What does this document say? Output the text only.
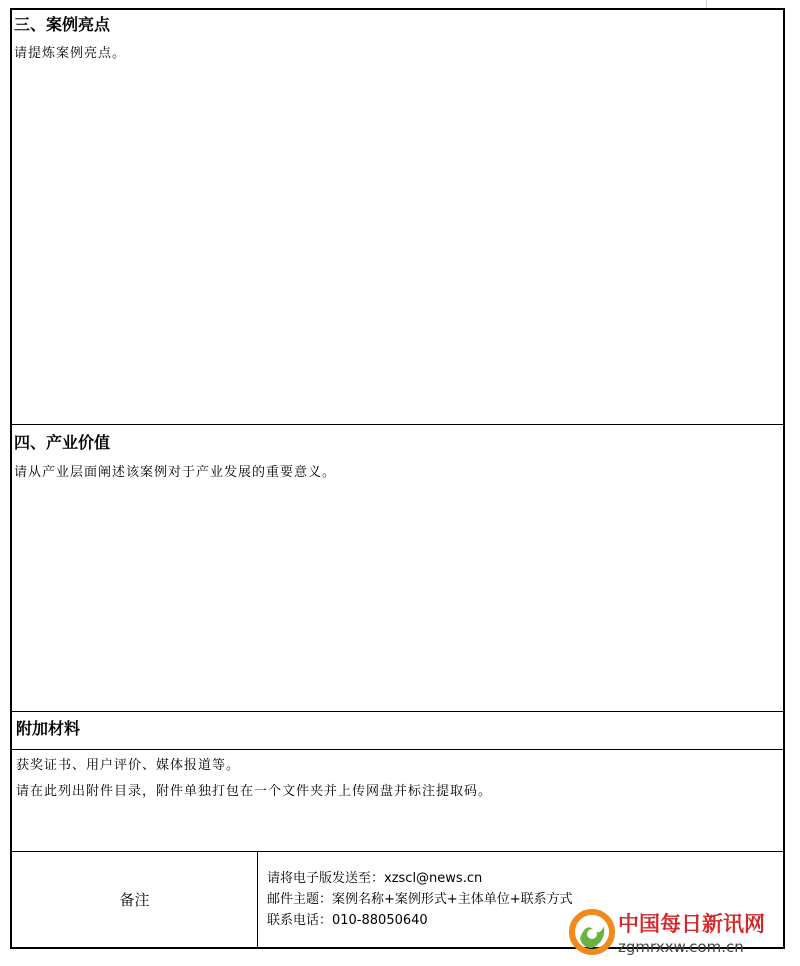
三、案例亮点
请提炼案例亮点。
四、产业价值
请从产业层面阐述该案例对于产业发展的重要意义。
附加材料
获奖证书、用户评价、媒体报道等。
请在此列出附件目录，附件单独打包在一个文件夹并上传网盘并标注提取码。
备注
请将电子版发送至：xzscl@news.cn
邮件主题：案例名称+案例形式+主体单位+联系方式
联系电话：010-88050640	中国每日新讯网
zgmrxxw.com.cn
